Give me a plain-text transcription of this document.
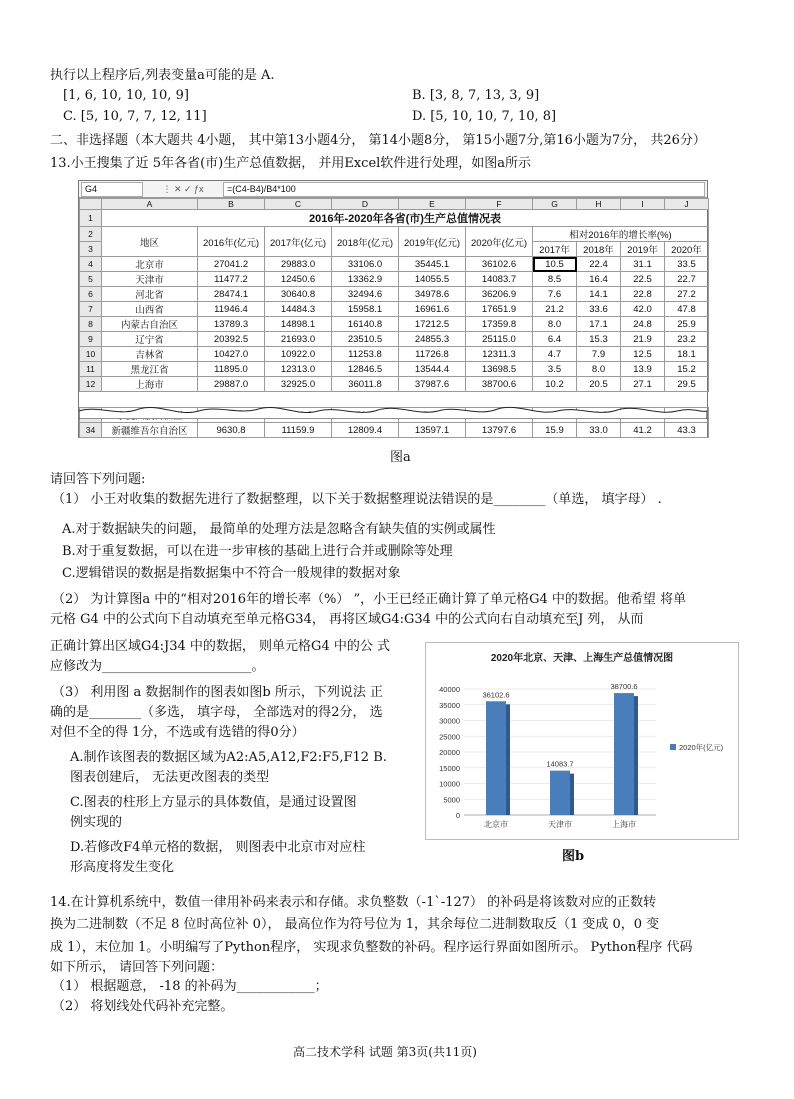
执行以上程序后,列表变量a可能的是 A.
[1, 6, 10, 10, 10, 9]	B. [3, 8, 7, 13, 3, 9]
C. [5, 10, 7, 7, 12, 11]	D. [5, 10, 10, 7, 10, 8]
二、非选择题（本大题共 4小题， 其中第13小题4分， 第14小题8分， 第15小题7分,第16小题为7分， 共26分）
13.小王搜集了近 5年各省(市)生产总值数据， 并用Excel软件进行处理，如图a所示
G4	⋮ ✕ ✓ ƒx	=(C4-B4)/B4*100
	A	B	C	D	E	F	G	H	I	J
1	2016年-2020年各省(市)生产总值情况表									
2	地区	2016年(亿元)	2017年(亿元)	2018年(亿元)	2019年(亿元)	2020年(亿元)	相对2016年的增长率(%)			
3							2017年	2018年	2019年	2020年
4	北京市	27041.2	29883.0	33106.0	35445.1	36102.6	10.5	22.4	31.1	33.5
5	天津市	11477.2	12450.6	13362.9	14055.5	14083.7	8.5	16.4	22.5	22.7
6	河北省	28474.1	30640.8	32494.6	34978.6	36206.9	7.6	14.1	22.8	27.2
7	山西省	11946.4	14484.3	15958.1	16961.6	17651.9	21.2	33.6	42.0	47.8
8	内蒙古自治区	13789.3	14898.1	16140.8	17212.5	17359.8	8.0	17.1	24.8	25.9
9	辽宁省	20392.5	21693.0	23510.5	24855.3	25115.0	6.4	15.3	21.9	23.2
10	吉林省	10427.0	10922.0	11253.8	11726.8	12311.3	4.7	7.9	12.5	18.1
11	黑龙江省	11895.0	12313.0	12846.5	13544.4	13698.5	3.5	8.0	13.9	15.2
12	上海市	29887.0	32925.0	36011.8	37987.6	38700.6	10.2	20.5	27.1	29.5

34	新疆维吾尔自治区	9630.8	11159.9	12809.4	13597.1	13797.6	15.9	33.0	41.2	43.3
图a
请回答下列问题:
（1） 小王对收集的数据先进行了数据整理，以下关于数据整理说法错误的是________（单选， 填字母） .
A.对于数据缺失的问题， 最简单的处理方法是忽略含有缺失值的实例或属性
B.对于重复数据，可以在进一步审核的基础上进行合并或删除等处理
C.逻辑错误的数据是指数据集中不符合一般规律的数据对象
（2） 为计算图a 中的“相对2016年的增长率（%） ”，小王已经正确计算了单元格G4 中的数据。他希望 将单
元格 G4 中的公式向下自动填充至单元格G34， 再将区域G4:G34 中的公式向右自动填充至J 列， 从而
正确计算出区域G4:J34 中的数据， 则单元格G4 中的公 式
应修改为_______________________。
（3） 利用图 a 数据制作的图表如图b 所示，下列说法 正
确的是________（多选， 填字母， 全部选对的得2分， 选
对但不全的得 1分，不选或有选错的得0分）
A.制作该图表的数据区域为A2:A5,A12,F2:F5,F12 B.
图表创建后， 无法更改图表的类型
C.图表的柱形上方显示的具体数值，是通过设置图
例实现的
D.若修改F4单元格的数据， 则图表中北京市对应柱
形高度将发生变化
2020年北京、天津、上海生产总值情况图
0
5000
10000
15000
20000
25000
30000
35000
40000
36102.6
北京市
14083.7
天津市
38700.6
上海市
2020年(亿元)
图b
14.在计算机系统中，数值一律用补码来表示和存储。求负整数（-1`-127） 的补码是将该数对应的正数转
换为二进制数（不足 8 位时高位补 0）， 最高位作为符号位为 1，其余每位二进制数取反（1 变成 0，0 变
成 1），末位加 1。小明编写了Python程序， 实现求负整数的补码。程序运行界面如图所示。 Python程序 代码
如下所示， 请回答下列问题：
（1） 根据题意， -18 的补码为____________；
（2） 将划线处代码补充完整。
高二技术学科 试题 第3页(共11页)
